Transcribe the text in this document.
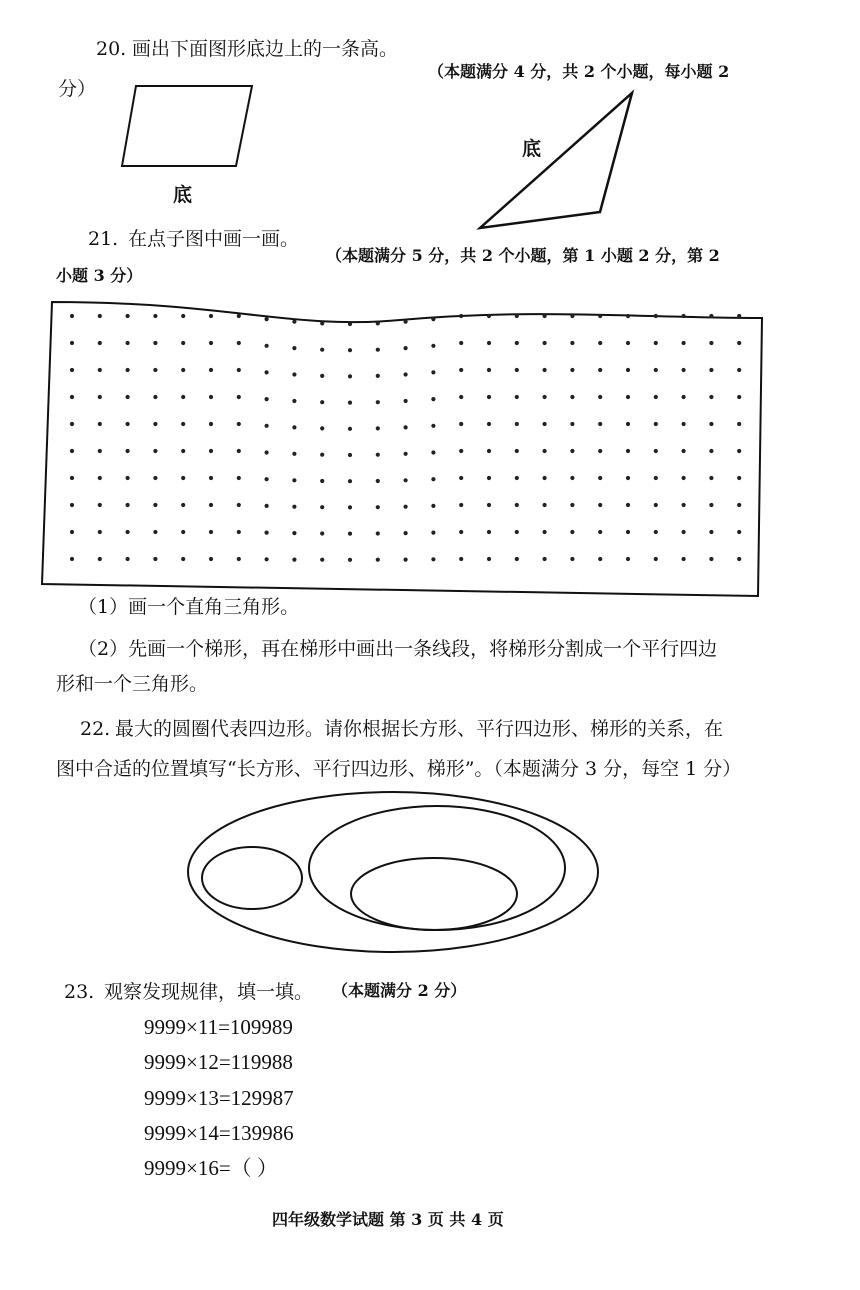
20. 画出下面图形底边上的一条高。
（本题满分 4 分，共 2 个小题，每小题 2
分）
底
底
21. 在点子图中画一画。
（本题满分 5 分，共 2 个小题，第 1 小题 2 分，第 2
小题 3 分）
（1）画一个直角三角形。
（2）先画一个梯形，再在梯形中画出一条线段，将梯形分割成一个平行四边
形和一个三角形。
22. 最大的圆圈代表四边形。请你根据长方形、平行四边形、梯形的关系，在
图中合适的位置填写“长方形、平行四边形、梯形”。（本题满分 3 分，每空 1 分）
23. 观察发现规律，填一填。 （本题满分 2 分）
9999×11=109989
9999×12=119988
9999×13=129987
9999×14=139986
9999×16=（ ）
四年级数学试题 第 3 页 共 4 页
